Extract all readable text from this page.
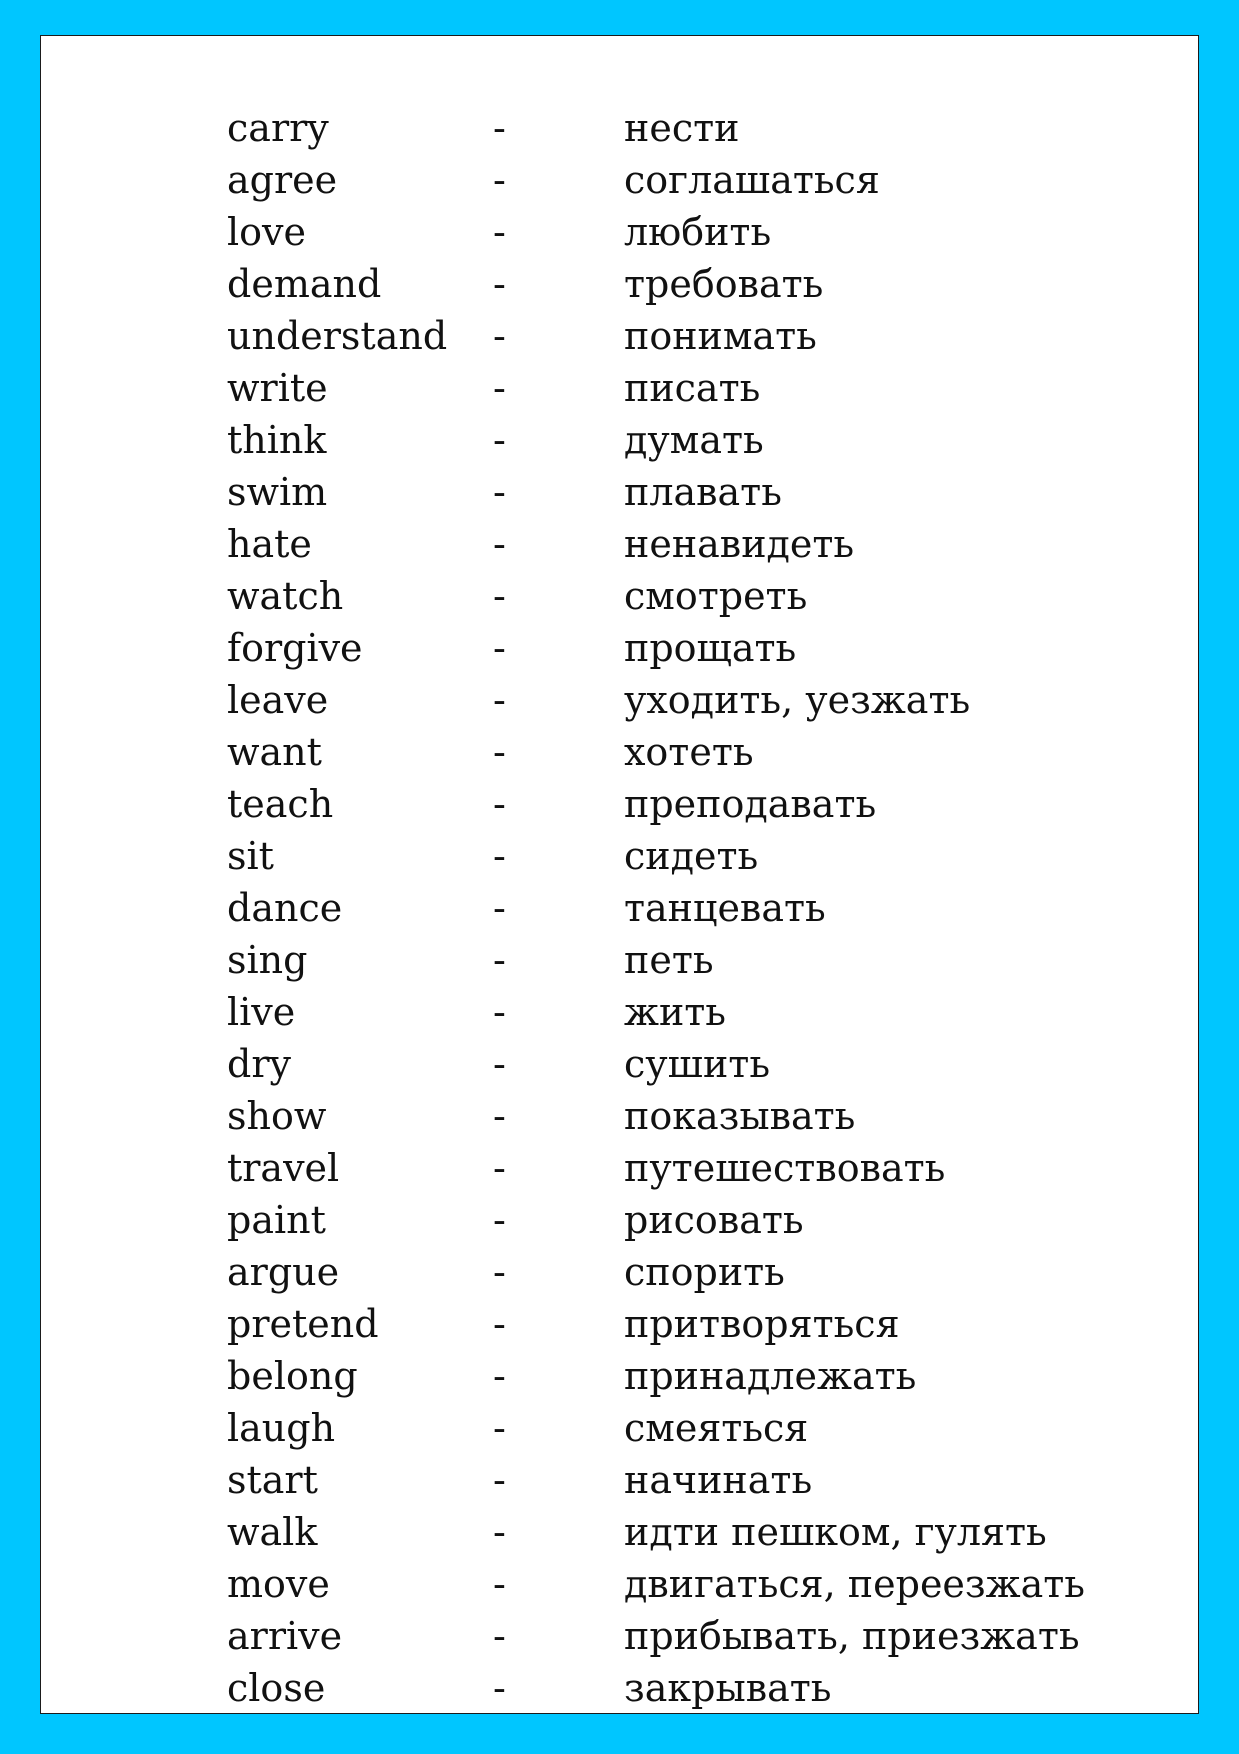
carry	-	нести
agree	-	соглашаться
love	-	любить
demand	-	требовать
understand	-	понимать
write	-	писать
think	-	думать
swim	-	плавать
hate	-	ненавидеть
watch	-	смотреть
forgive	-	прощать
leave	-	уходить, уезжать
want	-	хотеть
teach	-	преподавать
sit	-	сидеть
dance	-	танцевать
sing	-	петь
live	-	жить
dry	-	сушить
show	-	показывать
travel	-	путешествовать
paint	-	рисовать
argue	-	спорить
pretend	-	притворяться
belong	-	принадлежать
laugh	-	смеяться
start	-	начинать
walk	-	идти пешком, гулять
move	-	двигаться, переезжать
arrive	-	прибывать, приезжать
close	-	закрывать
